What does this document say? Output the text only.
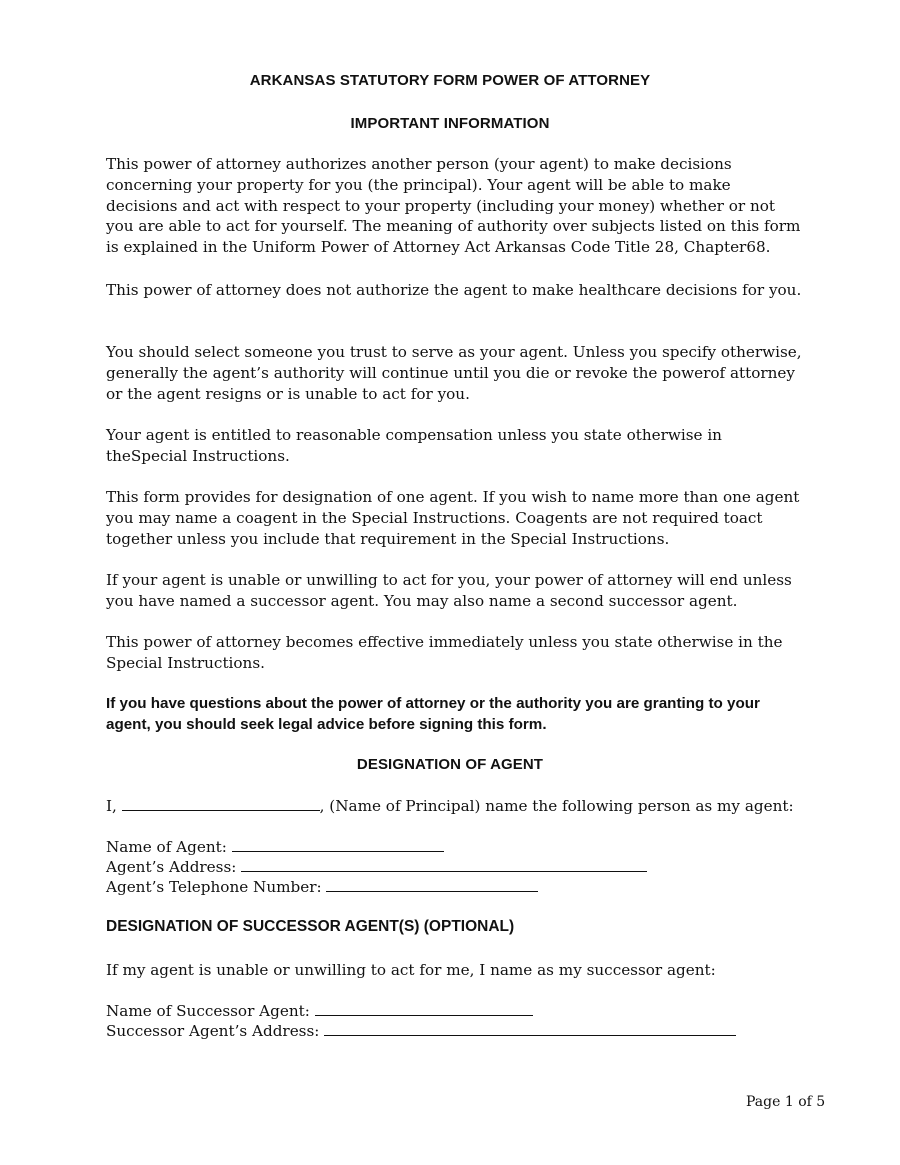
ARKANSAS STATUTORY FORM POWER OF ATTORNEY
IMPORTANT INFORMATION

This power of attorney authorizes another person (your agent) to make decisions concerning your property for you (the principal). Your agent will be able to make decisions and act with respect to your property (including your money) whether or not you are able to act for yourself. The meaning of authority over subjects listed on this form is explained in the Uniform Power of Attorney Act Arkansas Code Title 28, Chapter68.

This power of attorney does not authorize the agent to make healthcare decisions for you.

You should select someone you trust to serve as your agent. Unless you specify otherwise, generally the agent’s authority will continue until you die or revoke the powerof attorney or the agent resigns or is unable to act for you.

Your agent is entitled to reasonable compensation unless you state otherwise in theSpecial Instructions.

This form provides for designation of one agent. If you wish to name more than one agent you may name a coagent in the Special Instructions. Coagents are not required toact together unless you include that requirement in the Special Instructions.

If your agent is unable or unwilling to act for you, your power of attorney will end unless you have named a successor agent. You may also name a second successor agent.

This power of attorney becomes effective immediately unless you state otherwise in the Special Instructions.

If you have questions about the power of attorney or the authority you are granting to your agent, you should seek legal advice before signing this form.

DESIGNATION OF AGENT
I,	, (Name of Principal) name the following person as my agent:
Name of Agent:
Agent’s Address:
Agent’s Telephone Number:
DESIGNATION OF SUCCESSOR AGENT(S) (OPTIONAL)
If my agent is unable or unwilling to act for me, I name as my successor agent:
Name of Successor Agent:
Successor Agent’s Address:
Page 1 of 5
